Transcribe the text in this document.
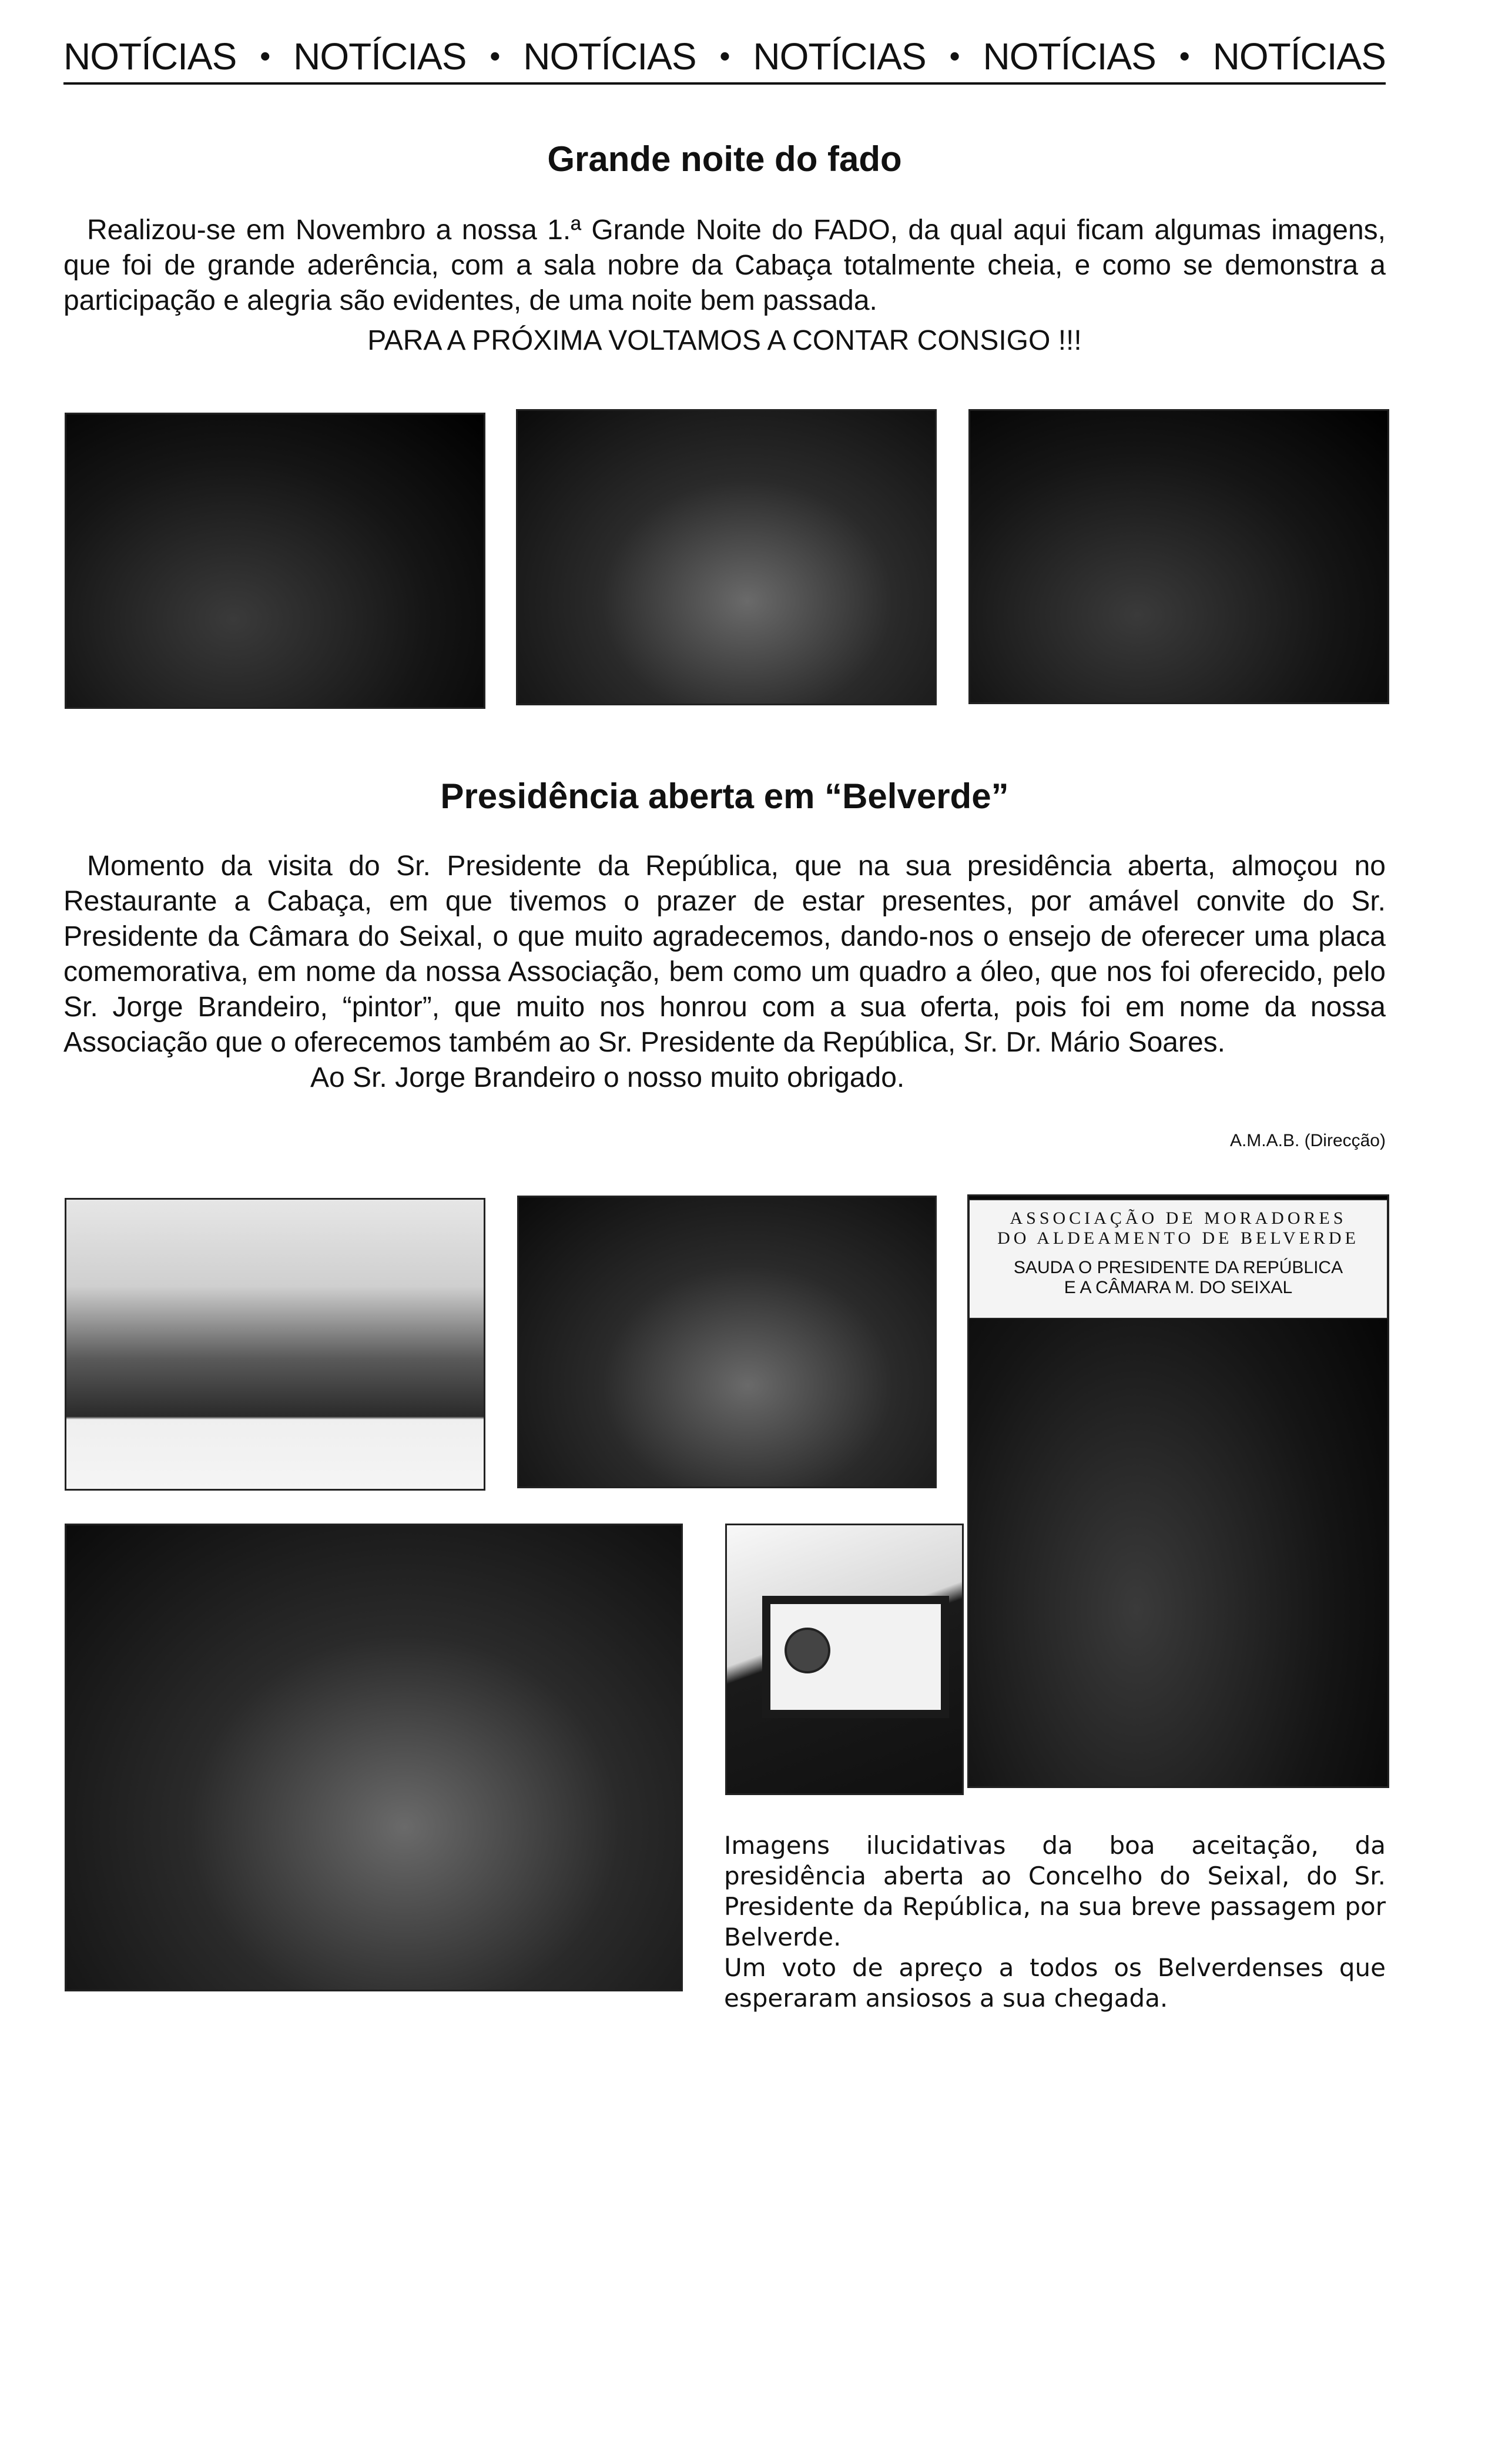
NOTÍCIAS • NOTÍCIAS • NOTÍCIAS • NOTÍCIAS • NOTÍCIAS • NOTÍCIAS
Grande noite do fado

Realizou-se em Novembro a nossa 1.ª Grande Noite do FADO, da qual aqui ficam algumas imagens, que foi de grande aderência, com a sala nobre da Cabaça totalmente cheia, e como se demonstra a participação e alegria são evidentes, de uma noite bem passada.

PARA A PRÓXIMA VOLTAMOS A CONTAR CONSIGO !!!

Presidência aberta em “Belverde”

Momento da visita do Sr. Presidente da República, que na sua presidência aberta, almoçou no Restaurante a Cabaça, em que tivemos o prazer de estar presentes, por amável convite do Sr. Presidente da Câmara do Seixal, o que muito agradecemos, dando-nos o ensejo de oferecer uma placa comemorativa, em nome da nossa Associação, bem como um quadro a óleo, que nos foi oferecido, pelo Sr. Jorge Brandeiro, “pintor”, que muito nos honrou com a sua oferta, pois foi em nome da nossa Associação que o oferecemos também ao Sr. Presidente da República, Sr. Dr. Mário Soares.

Ao Sr. Jorge Brandeiro o nosso muito obrigado.

A.M.A.B. (Direcção)
ASSOCIAÇÃO DE MORADORES
DO ALDEAMENTO DE BELVERDE
SAUDA O PRESIDENTE DA REPÚBLICA
E A CÂMARA M. DO SEIXAL

Imagens ilucidativas da boa aceitação, da presidência aberta ao Concelho do Seixal, do Sr. Presidente da República, na sua breve passagem por Belverde.

Um voto de apreço a todos os Belverdenses que esperaram ansiosos a sua chegada.
